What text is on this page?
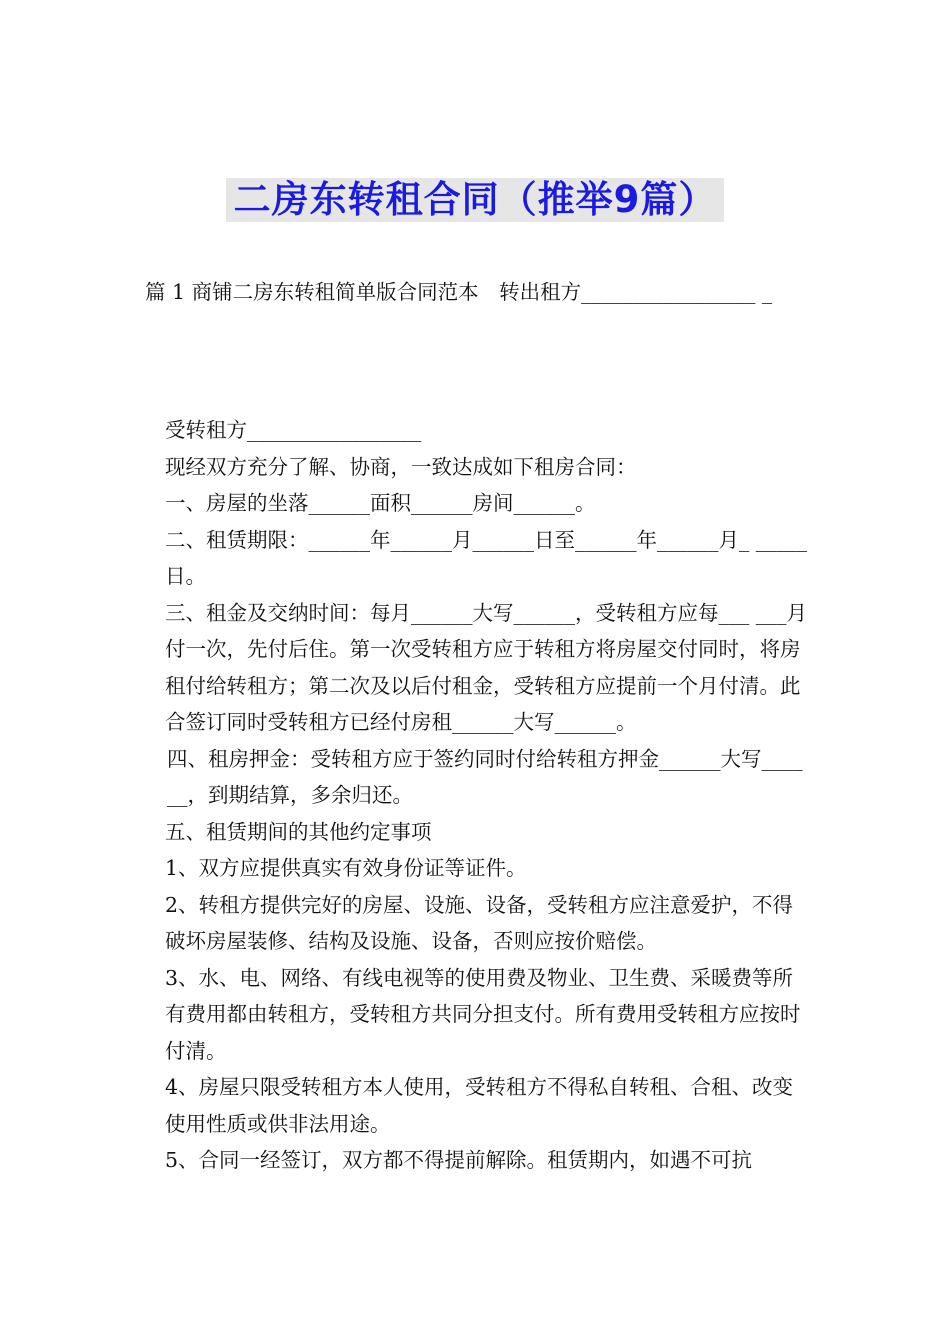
二房东转租合同（推举9篇）
篇 1 商铺二房东转租简单版合同范本　转出租方_________________ _

受转租方_________________

现经双方充分了解、协商，一致达成如下租房合同：

一、房屋的坐落______面积______房间______。

二、租赁期限：______年______月______日至______年______月_ _____日。

三、租金及交纳时间：每月______大写______，受转租方应每___ ___月付一次，先付后住。第一次受转租方应于转租方将房屋交付同时，将房租付给转租方；第二次及以后付租金，受转租方应提前一个月付清。此合签订同时受转租方已经付房租______大写______。

四、租房押金：受转租方应于签约同时付给转租方押金______大写______，到期结算，多余归还。

五、租赁期间的其他约定事项

1、双方应提供真实有效身份证等证件。

2、转租方提供完好的房屋、设施、设备，受转租方应注意爱护，不得破坏房屋装修、结构及设施、设备，否则应按价赔偿。

3、水、电、网络、有线电视等的使用费及物业、卫生费、采暖费等所有费用都由转租方，受转租方共同分担支付。所有费用受转租方应按时付清。

4、房屋只限受转租方本人使用，受转租方不得私自转租、合租、改变使用性质或供非法用途。

5、合同一经签订，双方都不得提前解除。租赁期内，如遇不可抗
